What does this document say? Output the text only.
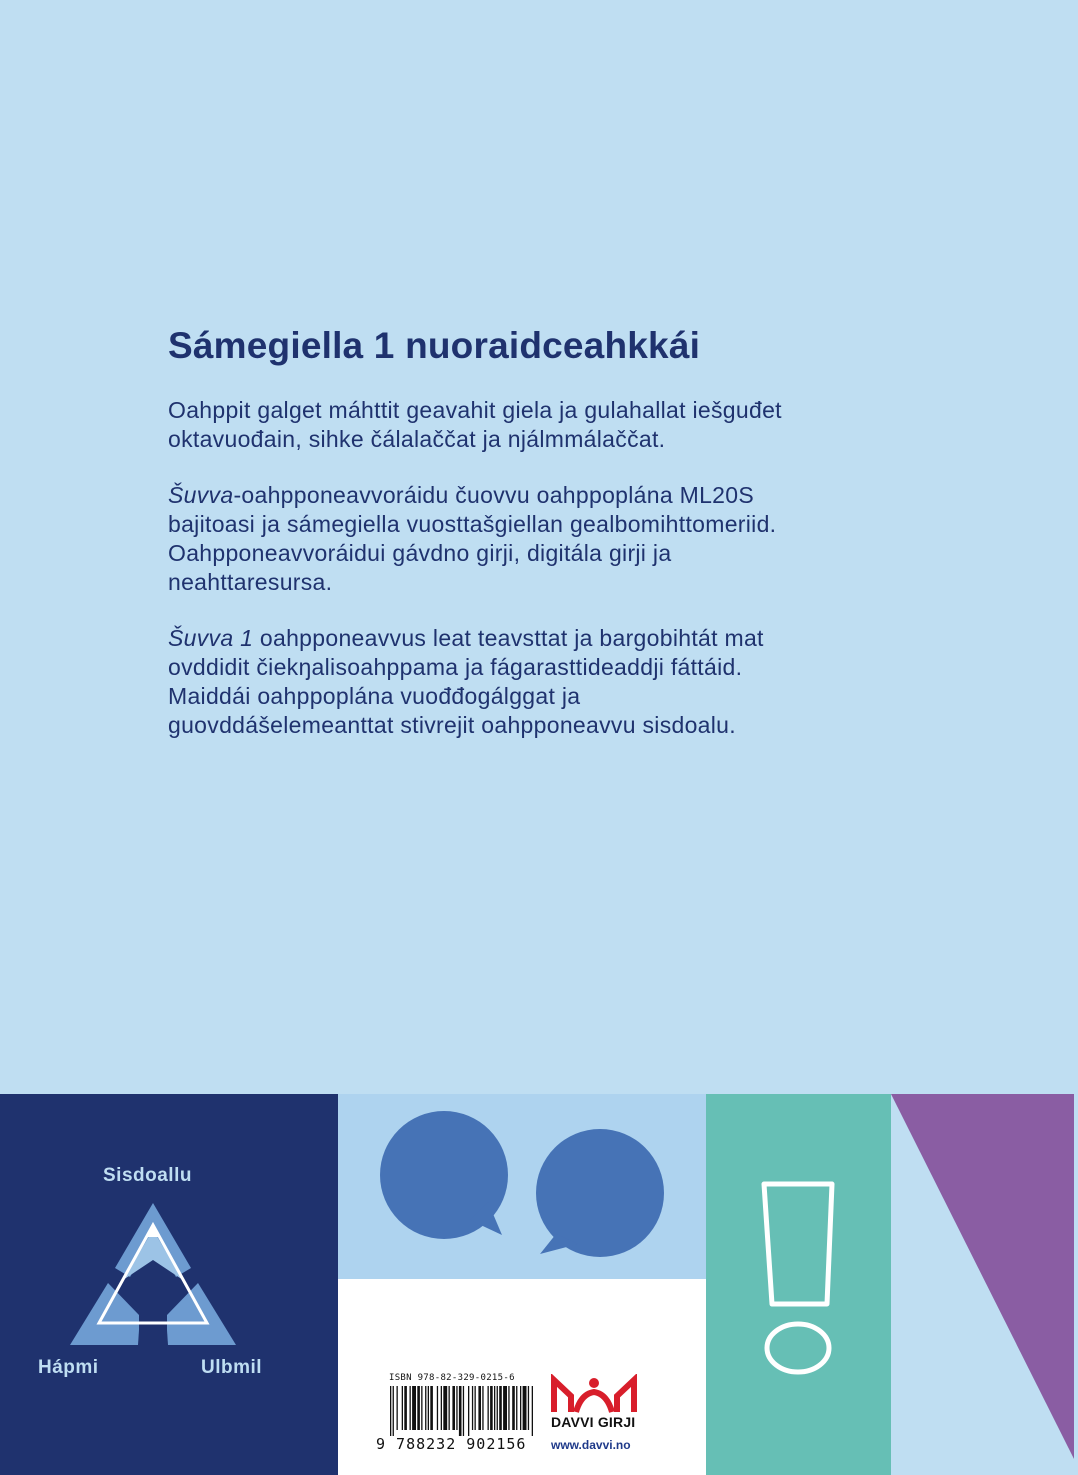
Sámegiella 1 nuoraidceahkkái

Oahppit galget máhttit geavahit giela ja gulahallat iešguđet oktavuođain, sihke čálalaččat ja njálmmálaččat.

Šuvva-oahpponeavvoráidu čuovvu oahppoplána ML20S bajitoasi ja sámegiella vuosttašgiellan gealbomihttomeriid. Oahpponeavvoráidui gávdno girji, digitála girji ja neahttaresursa.

Šuvva 1 oahpponeavvus leat teavsttat ja bargobihtát mat ovddidit čiekŋalisoahppama ja fágarasttideaddji fáttáid. Maiddái oahppoplána vuođđogálggat ja guovddášelemeanttat stivrejit oahpponeavvu sisdoalu.

Sisdoallu
Hápmi	Ulbmil	ISBN 978-82-329-0215-6
9 788232 902156
DAVVI GIRJI
www.davvi.no
